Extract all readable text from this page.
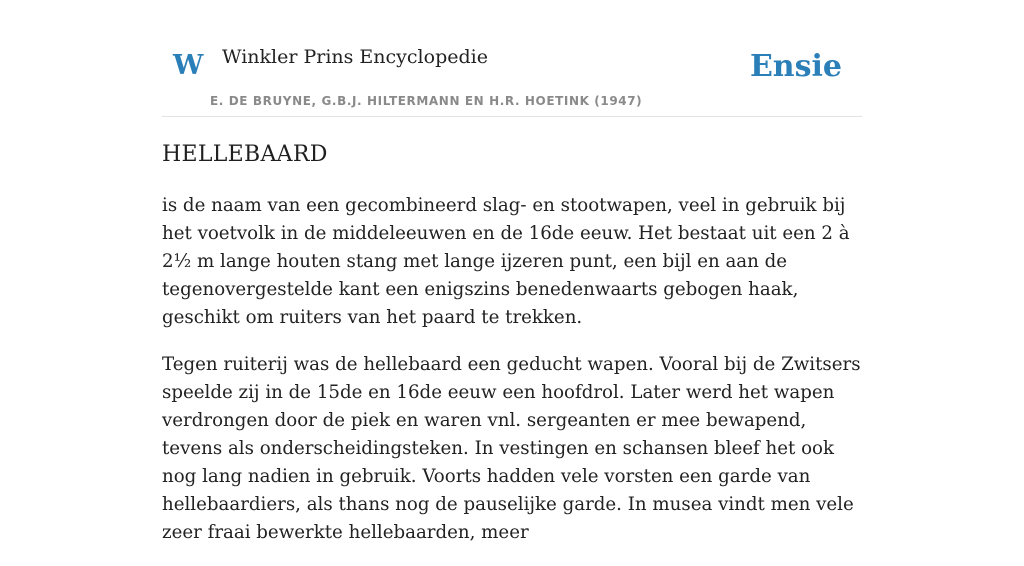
W Winkler Prins Encyclopedie
E. DE BRUYNE, G.B.J. HILTERMANN EN H.R. HOETINK (1947)
Ensie
HELLEBAARD

is de naam van een gecombineerd slag- en stootwapen, veel in gebruik bij het voetvolk in de middeleeuwen en de 16de eeuw. Het bestaat uit een 2 à 2½ m lange houten stang met lange ijzeren punt, een bijl en aan de tegenovergestelde kant een enigszins benedenwaarts gebogen haak, geschikt om ruiters van het paard te trekken.

Tegen ruiterij was de hellebaard een geducht wapen. Vooral bij de Zwitsers speelde zij in de 15de en 16de eeuw een hoofdrol. Later werd het wapen verdrongen door de piek en waren vnl. sergeanten er mee bewapend, tevens als onderscheidingsteken. In vestingen en schansen bleef het ook nog lang nadien in gebruik. Voorts hadden vele vorsten een garde van hellebaardiers, als thans nog de pauselijke garde. In musea vindt men vele zeer fraai bewerkte hellebaarden, meer
